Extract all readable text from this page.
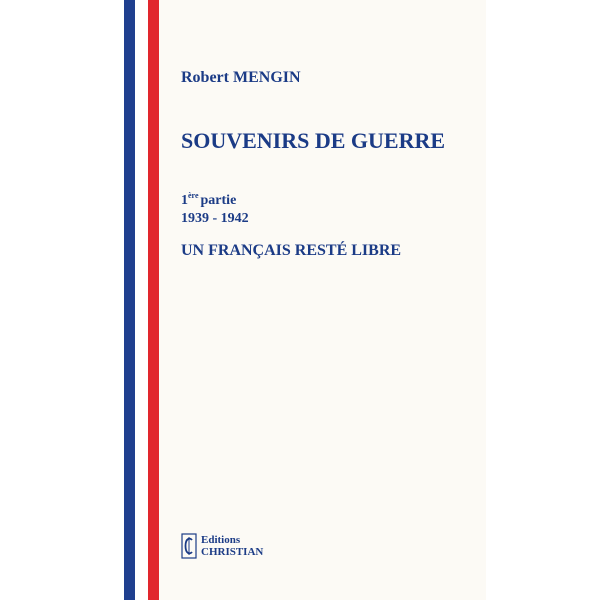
Robert MENGIN
SOUVENIRS DE GUERRE
1ère partie
1939 - 1942
UN FRANÇAIS RESTÉ LIBRE
Editions
CHRISTIAN
